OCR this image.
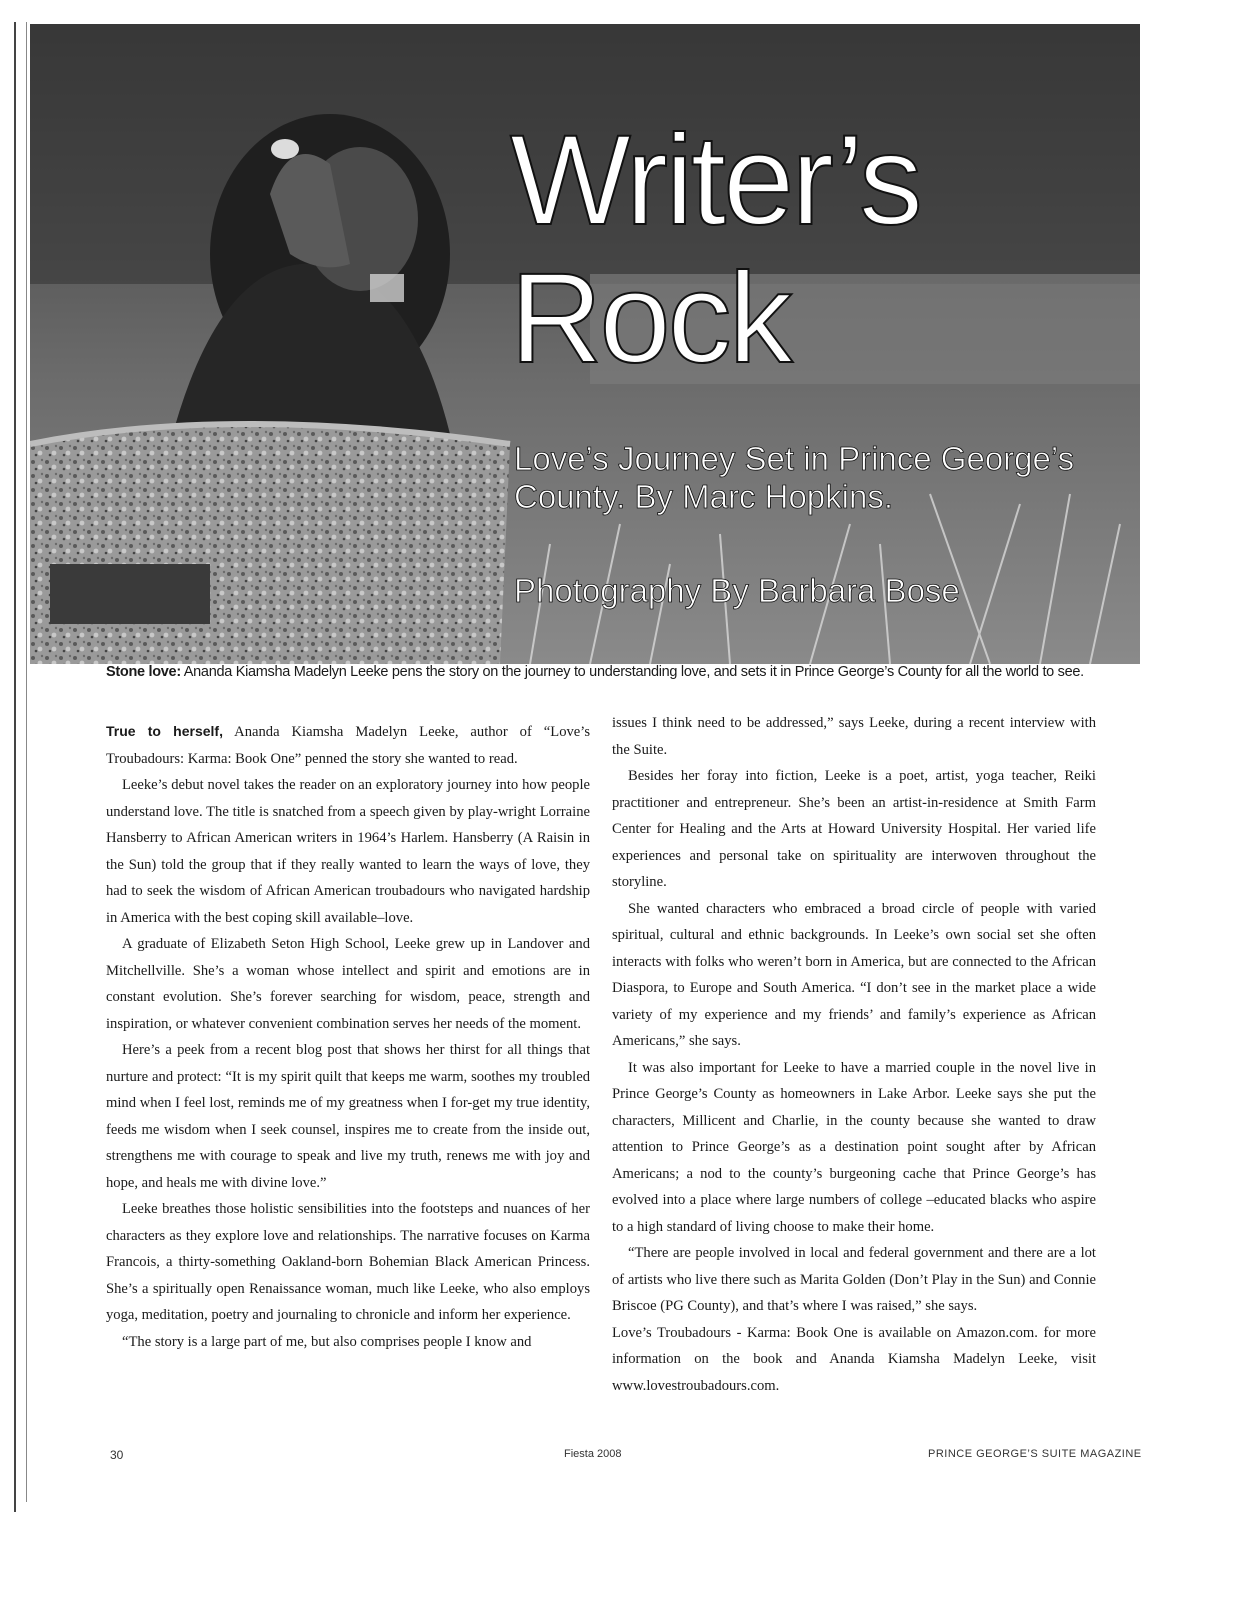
Writer’s
Rock
Love’s Journey Set in Prince George’s
County. By Marc Hopkins.
Photography By Barbara Bose
Stone love: Ananda Kiamsha Madelyn Leeke pens the story on the journey to understanding love, and sets it in Prince George’s County for all the world to see.

True to herself, Ananda Kiamsha Madelyn Leeke, author of “Love’s Troubadours: Karma: Book One” penned the story she wanted to read.

Leeke’s debut novel takes the reader on an exploratory journey into how people understand love. The title is snatched from a speech given by play-wright Lorraine Hansberry to African American writers in 1964’s Harlem. Hansberry (A Raisin in the Sun) told the group that if they really wanted to learn the ways of love, they had to seek the wisdom of African American troubadours who navigated hardship in America with the best coping skill available–love.

A graduate of Elizabeth Seton High School, Leeke grew up in Landover and Mitchellville. She’s a woman whose intellect and spirit and emotions are in constant evolution. She’s forever searching for wisdom, peace, strength and inspiration, or whatever convenient combination serves her needs of the moment.

Here’s a peek from a recent blog post that shows her thirst for all things that nurture and protect: “It is my spirit quilt that keeps me warm, soothes my troubled mind when I feel lost, reminds me of my greatness when I for-get my true identity, feeds me wisdom when I seek counsel, inspires me to create from the inside out, strengthens me with courage to speak and live my truth, renews me with joy and hope, and heals me with divine love.”

Leeke breathes those holistic sensibilities into the footsteps and nuances of her characters as they explore love and relationships. The narrative focuses on Karma Francois, a thirty-something Oakland-born Bohemian Black American Princess. She’s a spiritually open Renaissance woman, much like Leeke, who also employs yoga, meditation, poetry and journaling to chronicle and inform her experience.

“The story is a large part of me, but also comprises people I know and

issues I think need to be addressed,” says Leeke, during a recent interview with the Suite.

Besides her foray into fiction, Leeke is a poet, artist, yoga teacher, Reiki practitioner and entrepreneur. She’s been an artist-in-residence at Smith Farm Center for Healing and the Arts at Howard University Hospital. Her varied life experiences and personal take on spirituality are interwoven throughout the storyline.

She wanted characters who embraced a broad circle of people with varied spiritual, cultural and ethnic backgrounds. In Leeke’s own social set she often interacts with folks who weren’t born in America, but are connected to the African Diaspora, to Europe and South America. “I don’t see in the market place a wide variety of my experience and my friends’ and family’s experience as African Americans,” she says.

It was also important for Leeke to have a married couple in the novel live in Prince George’s County as homeowners in Lake Arbor. Leeke says she put the characters, Millicent and Charlie, in the county because she wanted to draw attention to Prince George’s as a destination point sought after by African Americans; a nod to the county’s burgeoning cache that Prince George’s has evolved into a place where large numbers of college –educated blacks who aspire to a high standard of living choose to make their home.

“There are people involved in local and federal government and there are a lot of artists who live there such as Marita Golden (Don’t Play in the Sun) and Connie Briscoe (PG County), and that’s where I was raised,” she says.

Love’s Troubadours - Karma: Book One is available on Amazon.com. for more information on the book and Ananda Kiamsha Madelyn Leeke, visit www.lovestroubadours.com.

30	Fiesta 2008	PRINCE GEORGE’S SUITE MAGAZINE
